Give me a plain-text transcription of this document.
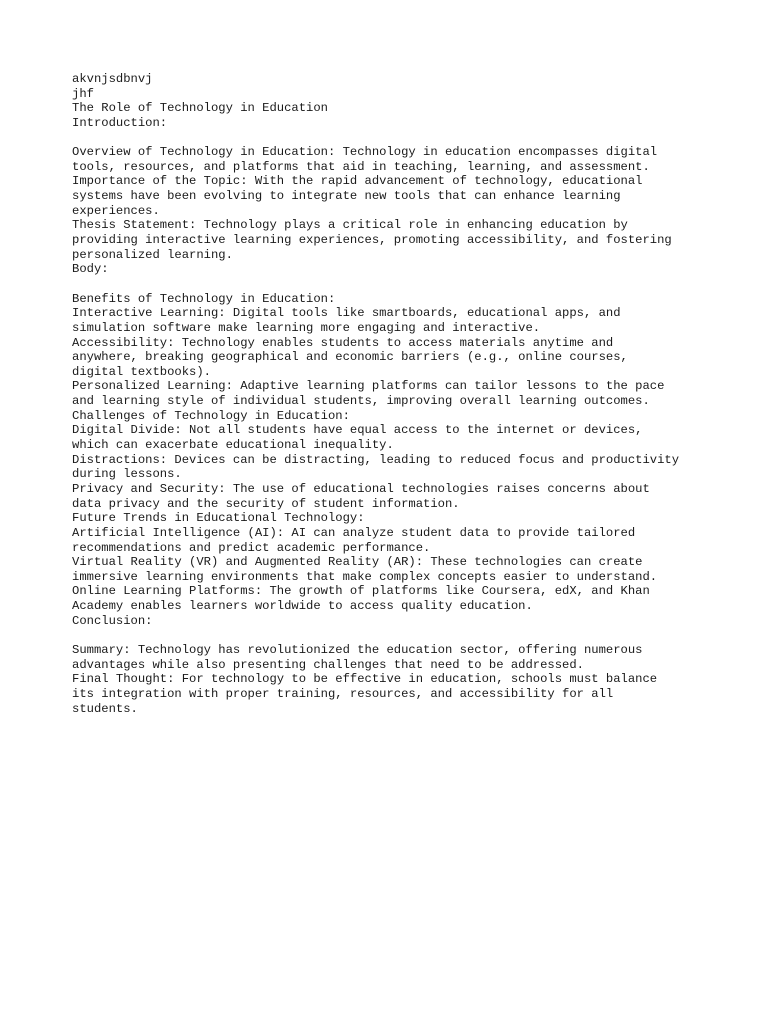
akvnjsdbnvj
jhf
The Role of Technology in Education
Introduction:
Overview of Technology in Education: Technology in education encompasses digital
tools, resources, and platforms that aid in teaching, learning, and assessment.
Importance of the Topic: With the rapid advancement of technology, educational
systems have been evolving to integrate new tools that can enhance learning
experiences.
Thesis Statement: Technology plays a critical role in enhancing education by
providing interactive learning experiences, promoting accessibility, and fostering
personalized learning.
Body:
Benefits of Technology in Education:
Interactive Learning: Digital tools like smartboards, educational apps, and
simulation software make learning more engaging and interactive.
Accessibility: Technology enables students to access materials anytime and
anywhere, breaking geographical and economic barriers (e.g., online courses,
digital textbooks).
Personalized Learning: Adaptive learning platforms can tailor lessons to the pace
and learning style of individual students, improving overall learning outcomes.
Challenges of Technology in Education:
Digital Divide: Not all students have equal access to the internet or devices,
which can exacerbate educational inequality.
Distractions: Devices can be distracting, leading to reduced focus and productivity
during lessons.
Privacy and Security: The use of educational technologies raises concerns about
data privacy and the security of student information.
Future Trends in Educational Technology:
Artificial Intelligence (AI): AI can analyze student data to provide tailored
recommendations and predict academic performance.
Virtual Reality (VR) and Augmented Reality (AR): These technologies can create
immersive learning environments that make complex concepts easier to understand.
Online Learning Platforms: The growth of platforms like Coursera, edX, and Khan
Academy enables learners worldwide to access quality education.
Conclusion:
Summary: Technology has revolutionized the education sector, offering numerous
advantages while also presenting challenges that need to be addressed.
Final Thought: For technology to be effective in education, schools must balance
its integration with proper training, resources, and accessibility for all
students.
